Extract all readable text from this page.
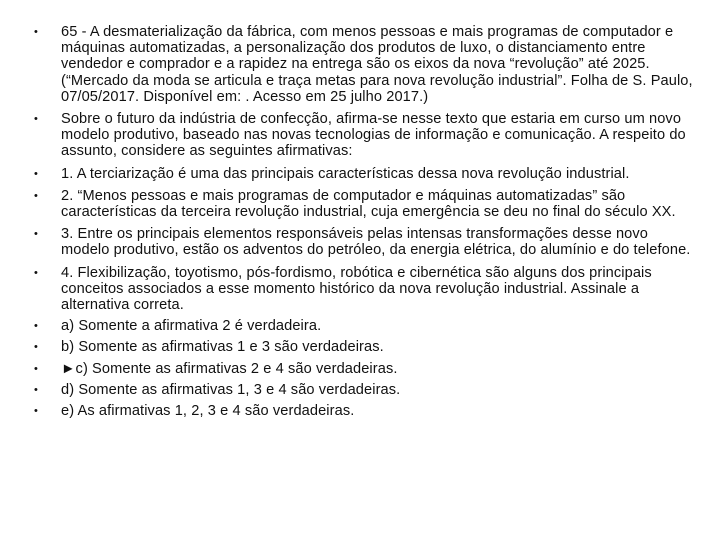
• 65 - A desmaterialização da fábrica, com menos pessoas e mais programas de computador e máquinas automatizadas, a personalização dos produtos de luxo, o distanciamento entre vendedor e comprador e a rapidez na entrega são os eixos da nova “revolução” até 2025. (“Mercado da moda se articula e traça metas para nova revolução industrial”. Folha de S. Paulo, 07/05/2017. Disponível em: . Acesso em 25 julho 2017.)
• Sobre o futuro da indústria de confecção, afirma-se nesse texto que estaria em curso um novo modelo produtivo, baseado nas novas tecnologias de informação e comunicação. A respeito do assunto, considere as seguintes afirmativas:
• 1. A terciarização é uma das principais características dessa nova revolução industrial.
• 2. “Menos pessoas e mais programas de computador e máquinas automatizadas” são características da terceira revolução industrial, cuja emergência se deu no final do século XX.
• 3. Entre os principais elementos responsáveis pelas intensas transformações desse novo modelo produtivo, estão os adventos do petróleo, da energia elétrica, do alumínio e do telefone.
• 4. Flexibilização, toyotismo, pós-fordismo, robótica e cibernética são alguns dos principais conceitos associados a esse momento histórico da nova revolução industrial. Assinale a alternativa correta.
• a) Somente a afirmativa 2 é verdadeira.
• b) Somente as afirmativas 1 e 3 são verdadeiras.
• ►c) Somente as afirmativas 2 e 4 são verdadeiras.
• d) Somente as afirmativas 1, 3 e 4 são verdadeiras.
• e) As afirmativas 1, 2, 3 e 4 são verdadeiras.
